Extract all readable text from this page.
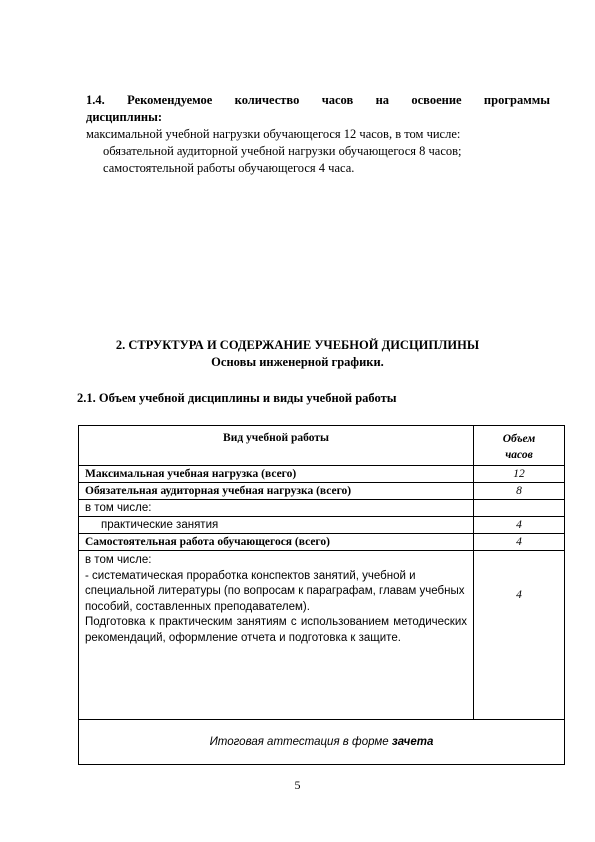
1.4. Рекомендуемое количество часов на освоение программы
дисциплины:
максимальной учебной нагрузки обучающегося 12 часов, в том числе:
обязательной аудиторной учебной нагрузки обучающегося 8 часов;
самостоятельной работы обучающегося 4 часа.
2. СТРУКТУРА И СОДЕРЖАНИЕ УЧЕБНОЙ ДИСЦИПЛИНЫ
Основы инженерной графики.
2.1. Объем учебной дисциплины и виды учебной работы
Вид учебной работы	Объем
часов

Максимальная учебная нагрузка (всего)	12
Обязательная аудиторная учебная нагрузка (всего)	8
в том числе:	
практические занятия	4
Самостоятельная работа обучающегося (всего)	4

в том числе:
- систематическая проработка конспектов занятий, учебной и специальной литературы (по вопросам к параграфам, главам учебных пособий, составленных преподавателем).
Подготовка к практическим занятиям с использованием методических рекомендаций, оформление отчета и подготовка к защите.	4
Итоговая аттестация в форме зачета	
5
